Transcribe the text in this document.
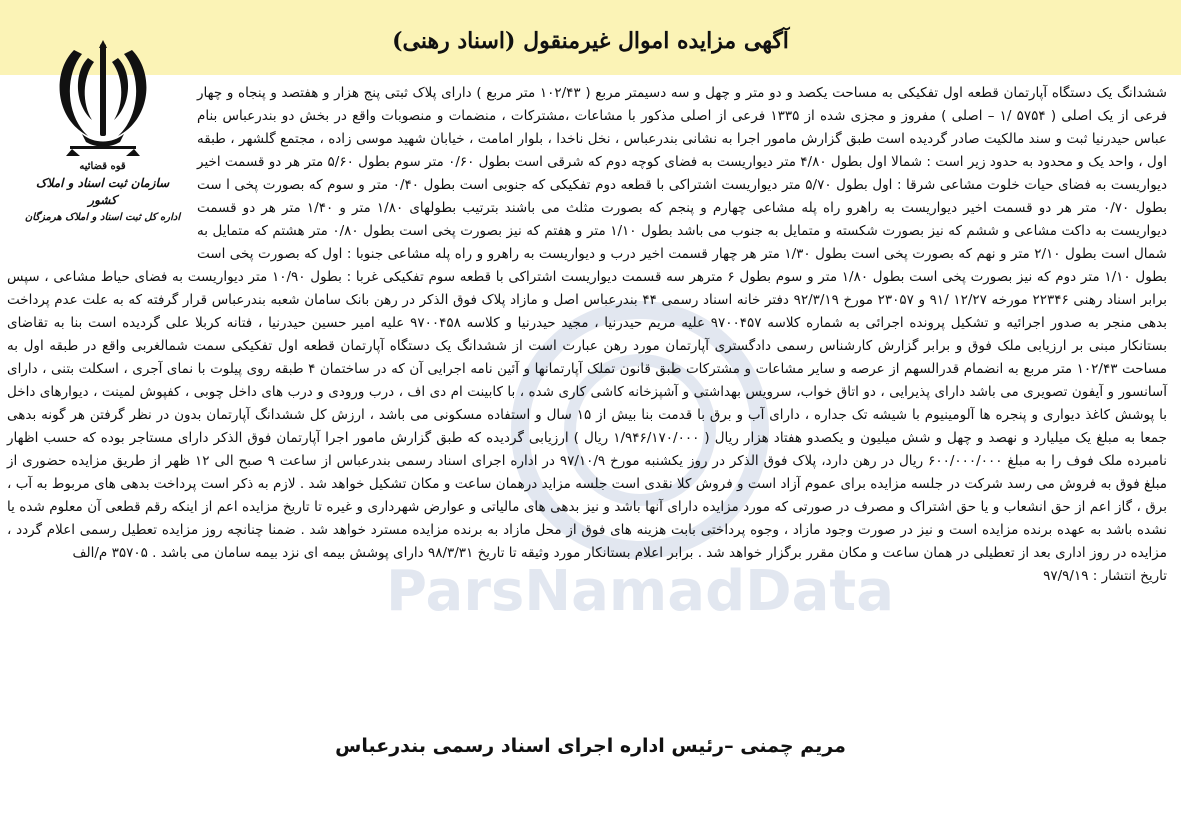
آگهی مزایده اموال غیرمنقول (اسناد رهنی)
قوه قضائیه
سازمان ثبت اسناد و املاک کشور
اداره کل ثبت اسناد و املاک هرمزگان
ParsNamadData
ششدانگ یک دستگاه آپارتمان قطعه اول تفکیکی به مساحت یکصد و دو متر و چهل و سه دسیمتر مربع ( ۱۰۲/۴۳ متر مربع ) دارای پلاک ثبتی پنج هزار و هفتصد و پنجاه و چهار فرعی از یک اصلی ( ۵۷۵۴ /۱ – اصلی ) مفروز و مجزی شده از ۱۳۳۵ فرعی از اصلی مذکور با مشاعات ،مشترکات ، منضمات و منصوبات واقع در بخش دو بندرعباس بنام عباس حیدرنیا ثبت و سند مالکیت صادر گردیده است طبق گزارش مامور اجرا به نشانی بندرعباس ، نخل ناخدا ، بلوار امامت ، خیابان شهید موسی زاده ، مجتمع گلشهر ، طبقه اول ، واحد یک و محدود به حدود زیر است : شمالا اول بطول ۴/۸۰ متر دیواریست به فضای کوچه دوم که شرقی است بطول ۰/۶۰ متر سوم بطول ۵/۶۰ متر هر دو قسمت اخیر دیواریست به فضای حیات خلوت مشاعی شرقا : اول بطول ۵/۷۰ متر دیواریست اشتراکی با قطعه دوم تفکیکی که جنوبی است بطول ۰/۴۰ متر و سوم که بصورت پخی ا ست بطول ۰/۷۰ متر هر دو قسمت اخیر دیواریست به راهرو راه پله مشاعی چهارم و پنجم که بصورت مثلث می باشند بترتیب بطولهای ۱/۸۰ متر و ۱/۴۰ متر هر دو قسمت دیواریست به داکت مشاعی و ششم که نیز بصورت شکسته و متمایل به جنوب می باشد بطول ۱/۱۰ متر و هفتم که نیز بصورت پخی است بطول ۰/۸۰ متر هشتم که متمایل به شمال است بطول ۲/۱۰ متر و نهم که بصورت پخی است بطول ۱/۳۰ متر هر چهار قسمت اخیر درب و دیواریست به راهرو و راه پله مشاعی جنوبا : اول که بصورت پخی است بطول ۱/۱۰ متر دوم که نیز بصورت پخی است بطول ۱/۸۰ متر و سوم بطول ۶ مترهر سه قسمت دیواریست اشتراکی با قطعه سوم تفکیکی غربا : بطول ۱۰/۹۰ متر دیواریست به فضای حیاط مشاعی ، سپس برابر اسناد رهنی ۲۲۳۴۶ مورخه ۱۲/۲۷ /۹۱ و ۲۳۰۵۷ مورخ ۹۲/۳/۱۹ دفتر خانه اسناد رسمی ۴۴ بندرعباس اصل و مازاد پلاک فوق الذکر در رهن بانک سامان شعبه بندرعباس قرار گرفته که به علت عدم پرداخت بدهی منجر به صدور اجرائیه و تشکیل پرونده اجرائی به شماره کلاسه ۹۷۰۰۴۵۷ علیه مریم حیدرنیا ، مجید حیدرنیا و کلاسه ۹۷۰۰۴۵۸ علیه امیر حسین حیدرنیا ، فتانه کربلا علی گردیده است بنا به تقاضای بستانکار مبنی بر ارزیابی ملک فوق و برابر گزارش کارشناس رسمی دادگستری آپارتمان مورد رهن عبارت است از ششدانگ یک دستگاه آپارتمان قطعه اول تفکیکی سمت شمالغربی واقع در طبقه اول به مساحت ۱۰۲/۴۳ متر مربع به انضمام قدرالسهم از عرصه و سایر مشاعات و مشترکات طبق قانون تملک آپارتمانها و آئین نامه اجرایی آن که در ساختمان ۴ طبقه روی پیلوت با نمای آجری ، اسکلت بتنی ، دارای آسانسور و آیفون تصویری می باشد دارای پذیرایی ، دو اتاق خواب، سرویس بهداشتی و آشپزخانه کاشی کاری شده ، با کابینت ام دی اف ، درب ورودی و درب های داخل چوبی ، کفپوش لمینت ، دیوارهای داخل با پوشش کاغذ دیواری و پنجره ها آلومینیوم با شیشه تک جداره ، دارای آب و برق با قدمت بنا بیش از ۱۵ سال و استفاده مسکونی می باشد ، ارزش کل ششدانگ آپارتمان بدون در نظر گرفتن هر گونه بدهی جمعا به مبلغ یک میلیارد و نهصد و چهل و شش میلیون و یکصدو هفتاد هزار ریال ( ۱/۹۴۶/۱۷۰/۰۰۰ ریال ) ارزیابی گردیده که طبق گزارش مامور اجرا آپارتمان فوق الذکر دارای مستاجر بوده که حسب اظهار نامبرده ملک فوف را به مبلغ ۶۰۰/۰۰۰/۰۰۰ ریال در رهن دارد، پلاک فوق الذکر در روز یکشنبه مورخ ۹۷/۱۰/۹ در اداره اجرای اسناد رسمی بندرعباس از ساعت ۹ صبح الی ۱۲ ظهر از طریق مزایده حضوری از مبلغ فوق به فروش می رسد شرکت در جلسه مزایده برای عموم آزاد است و فروش کلا نقدی است جلسه مزاید درهمان ساعت و مکان تشکیل خواهد شد . لازم به ذکر است پرداخت بدهی های مربوط به آب ، برق ، گاز اعم از حق انشعاب و یا حق اشتراک و مصرف در صورتی که مورد مزایده دارای آنها باشد و نیز بدهی های مالیاتی و عوارض شهرداری و غیره تا تاریخ مزایده اعم از اینکه رقم قطعی آن معلوم شده یا نشده باشد به عهده برنده مزایده است و نیز در صورت وجود مازاد ، وجوه پرداختی بابت هزینه های فوق از محل مازاد به برنده مزایده مسترد خواهد شد . ضمنا چنانچه روز مزایده تعطیل رسمی اعلام گردد ، مزایده در روز اداری بعد از تعطیلی در همان ساعت و مکان مقرر برگزار خواهد شد . برابر اعلام بستانکار مورد وثیقه تا تاریخ ۹۸/۳/۳۱ دارای پوشش بیمه ای نزد بیمه سامان می باشد . ۳۵۷۰۵ م/الف
تاریخ انتشار : ۹۷/۹/۱۹
مریم چمنی –رئیس اداره اجرای اسناد رسمی بندرعباس
